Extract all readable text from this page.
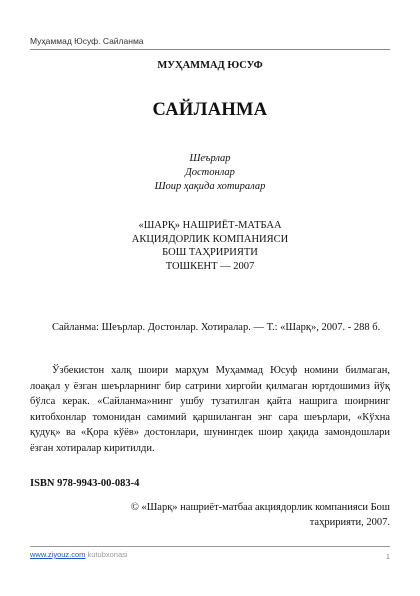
Муҳаммад Юсуф. Сайланма
МУҲАММАД ЮСУФ
САЙЛАНМА
Шеърлар
Достонлар
Шоир ҳақида хотиралар
«ШАРҚ» НАШРИЁТ-МАТБАА
АКЦИЯДОРЛИК КОМПАНИЯСИ
БОШ ТАҲРИРИЯТИ
ТОШКЕНТ — 2007
Сайланма: Шеърлар. Достонлар. Хотиралар. — Т.: «Шарқ», 2007. - 288 б.
Ўзбекистон халқ шоири марҳум Муҳаммад Юсуф номини билмаган, лоақал у ёзган шеърларнинг бир сатрини хиргойи қилмаган юртдошимиз йўқ бўлса керак. «Сайланма»нинг ушбу тузатилган қайта нашрига шоирнинг китобхонлар томонидан самимий қаршиланган энг сара шеърлари, «Кўхна қудуқ» ва «Қора кўёв» достонлари, шунингдек шоир ҳақида замондошлари ёзган хотиралар киритилди.
ISBN 978-9943-00-083-4
© «Шарқ» нашриёт-матбаа акциядорлик компанияси Бош таҳририяти, 2007.
www.ziyouz.com kutubxonasi	1
